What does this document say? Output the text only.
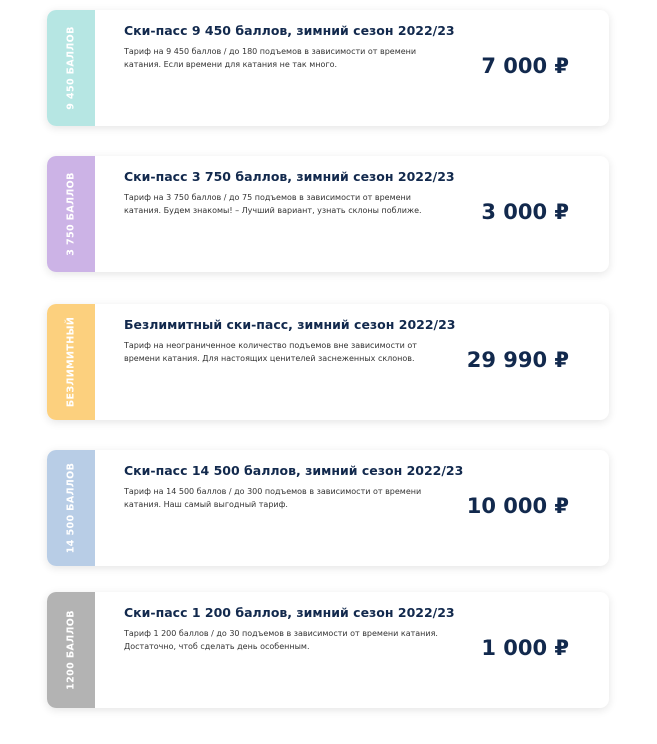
9 450 БАЛЛОВ	Ски-пасс 9 450 баллов, зимний сезон 2022/23
Тариф на 9 450 баллов / до 180 подъемов в зависимости от времени катания. Если времени для катания не так много.	7 000 ₽
3 750 БАЛЛОВ	Ски-пасс 3 750 баллов, зимний сезон 2022/23
Тариф на 3 750 баллов / до 75 подъемов в зависимости от времени катания. Будем знакомы! – Лучший вариант, узнать склоны поближе.	3 000 ₽
БЕЗЛИМИТНЫЙ	Безлимитный ски-пасс, зимний сезон 2022/23
Тариф на неограниченное количество подъемов вне зависимости от времени катания. Для настоящих ценителей заснеженных склонов.	29 990 ₽
14 500 БАЛЛОВ	Ски-пасс 14 500 баллов, зимний сезон 2022/23
Тариф на 14 500 баллов / до 300 подъемов в зависимости от времени катания. Наш самый выгодный тариф.	10 000 ₽
1200 БАЛЛОВ	Ски-пасс 1 200 баллов, зимний сезон 2022/23
Тариф 1 200 баллов / до 30 подъемов в зависимости от времени катания. Достаточно, чтоб сделать день особенным.	1 000 ₽
